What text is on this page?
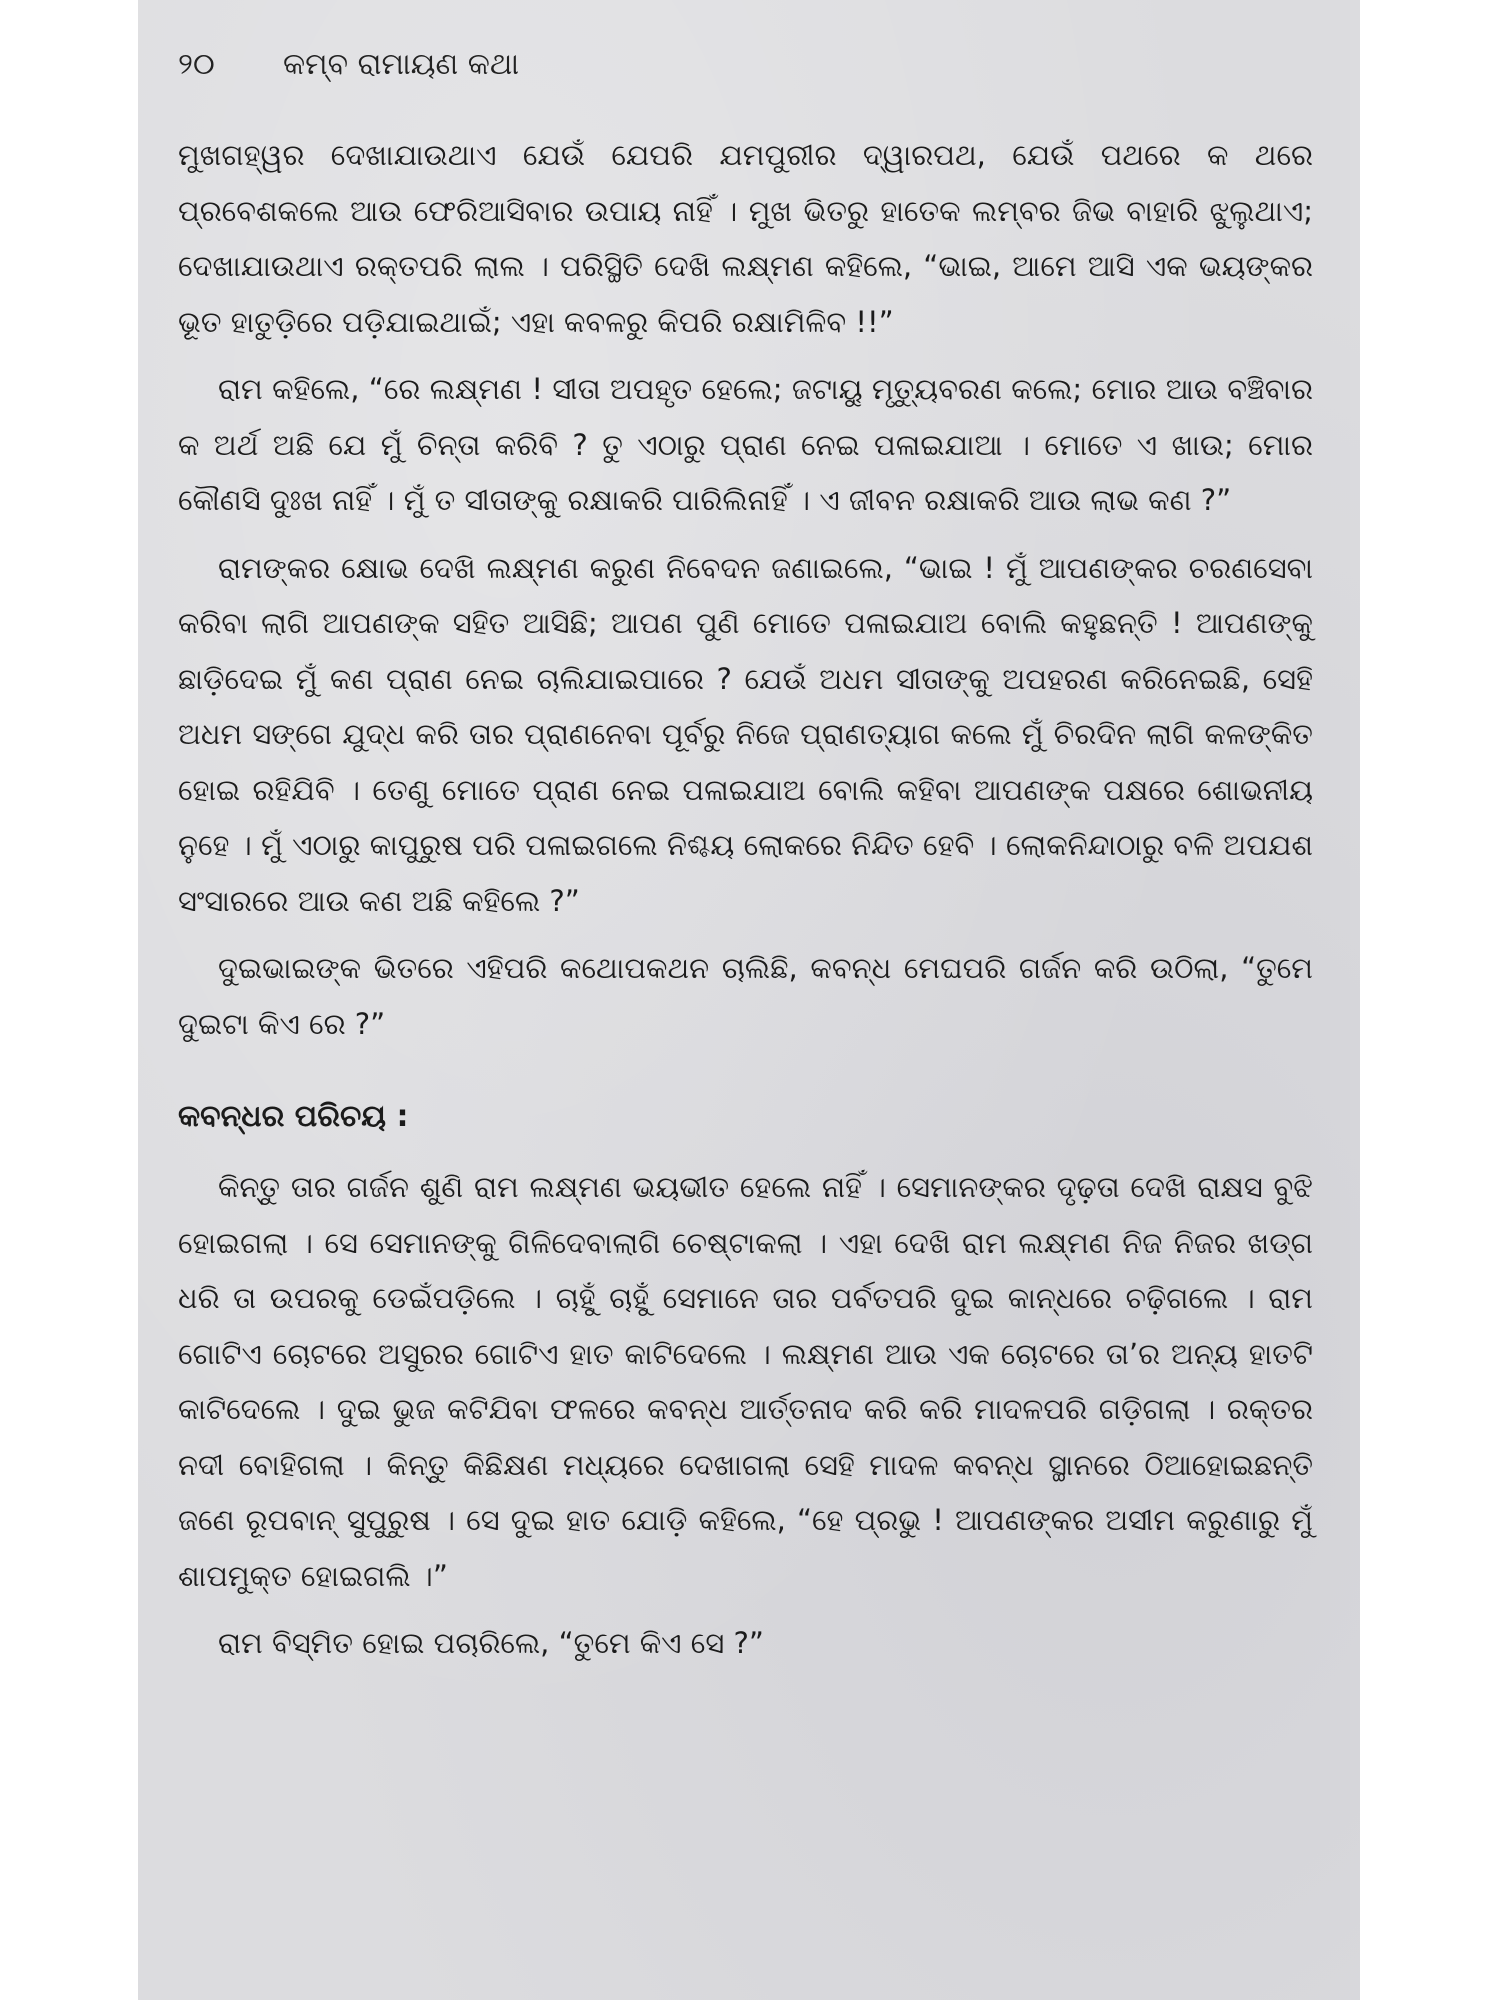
୨୦	କମ୍ବ ରାମାୟଣ କଥା

ମୁଖଗହ୍ୱର ଦେଖାଯାଉଥାଏ ଯେଉଁ ଯେପରି ଯମପୁରୀର ଦ୍ୱାରପଥ, ଯେଉଁ ପଥରେ କ ଥରେ ପ୍ରବେଶକଲେ ଆଉ ଫେରିଆସିବାର ଉପାୟ ନାହିଁ । ମୁଖ ଭିତରୁ ହାତେକ ଲମ୍ବର ଜିଭ ବାହାରି ଝୁଲୁଥାଏ; ଦେଖାଯାଉଥାଏ ରକ୍ତପରି ଲାଲ । ପରିସ୍ଥିତି ଦେଖି ଲକ୍ଷ୍ମଣ କହିଲେ, “ଭାଇ, ଆମେ ଆସି ଏକ ଭୟଙ୍କର ଭୂତ ହାତୁଡ଼ିରେ ପଡ଼ିଯାଇଥାଇଁ; ଏହା କବଳରୁ କିପରି ରକ୍ଷାମିଳିବ !!”

ରାମ କହିଲେ, “ରେ ଲକ୍ଷ୍ମଣ ! ସୀତା ଅପହୃତ ହେଲେ; ଜଟାୟୁ ମୃତ୍ୟୁବରଣ କଲେ; ମୋର ଆଉ ବଞ୍ଚିବାର କ ଅର୍ଥ ଅଛି ଯେ ମୁଁ ଚିନ୍ତା କରିବି ? ତୁ ଏଠାରୁ ପ୍ରାଣ ନେଇ ପଳାଇଯାଆ । ମୋତେ ଏ ଖାଉ; ମୋର କୌଣସି ଦୁଃଖ ନାହିଁ । ମୁଁ ତ ସୀତାଙ୍କୁ ରକ୍ଷାକରି ପାରିଲିନାହିଁ । ଏ ଜୀବନ ରକ୍ଷାକରି ଆଉ ଲାଭ କଣ ?”

ରାମଙ୍କର କ୍ଷୋଭ ଦେଖି ଲକ୍ଷ୍ମଣ କରୁଣ ନିବେଦନ ଜଣାଇଲେ, “ଭାଇ ! ମୁଁ ଆପଣଙ୍କର ଚରଣସେବା କରିବା ଲାଗି ଆପଣଙ୍କ ସହିତ ଆସିଛି; ଆପଣ ପୁଣି ମୋତେ ପଳାଇଯାଅ ବୋଲି କହୁଛନ୍ତି ! ଆପଣଙ୍କୁ ଛାଡ଼ିଦେଇ ମୁଁ କଣ ପ୍ରାଣ ନେଇ ଚାଲିଯାଇପାରେ ? ଯେଉଁ ଅଧମ ସୀତାଙ୍କୁ ଅପହରଣ କରିନେଇଛି, ସେହି ଅଧମ ସଙ୍ଗେ ଯୁଦ୍ଧ କରି ତାର ପ୍ରାଣନେବା ପୂର୍ବରୁ ନିଜେ ପ୍ରାଣତ୍ୟାଗ କଲେ ମୁଁ ଚିରଦିନ ଲାଗି କଳଙ୍କିତ ହୋଇ ରହିଯିବି । ତେଣୁ ମୋତେ ପ୍ରାଣ ନେଇ ପଳାଇଯାଅ ବୋଲି କହିବା ଆପଣଙ୍କ ପକ୍ଷରେ ଶୋଭନୀୟ ନୁହେ । ମୁଁ ଏଠାରୁ କାପୁରୁଷ ପରି ପଳାଇଗଲେ ନିଶ୍ଚୟ ଲୋକରେ ନିନ୍ଦିତ ହେବି । ଲୋକନିନ୍ଦାଠାରୁ ବଳି ଅପଯଶ ସଂସାରରେ ଆଉ କଣ ଅଛି କହିଲେ ?”

ଦୁଇଭାଇଙ୍କ ଭିତରେ ଏହିପରି କଥୋପକଥନ ଚାଲିଛି, କବନ୍ଧ ମେଘପରି ଗର୍ଜନ କରି ଉଠିଲା, “ତୁମେ ଦୁଇଟା କିଏ ରେ ?”

କବନ୍ଧର ପରିଚୟ :

କିନ୍ତୁ ତାର ଗର୍ଜନ ଶୁଣି ରାମ ଲକ୍ଷ୍ମଣ ଭୟଭୀତ ହେଲେ ନାହିଁ । ସେମାନଙ୍କର ଦୃଢ଼ତା ଦେଖି ରାକ୍ଷସ ବୁଝି ହୋଇଗଲା । ସେ ସେମାନଙ୍କୁ ଗିଳିଦେବାଲାଗି ଚେଷ୍ଟାକଲା । ଏହା ଦେଖି ରାମ ଲକ୍ଷ୍ମଣ ନିଜ ନିଜର ଖଡ୍ଗ ଧରି ତା ଉପରକୁ ଡେଇଁପଡ଼ିଲେ । ଚାହୁଁ ଚାହୁଁ ସେମାନେ ତାର ପର୍ବତପରି ଦୁଇ କାନ୍ଧରେ ଚଢ଼ିଗଲେ । ରାମ ଗୋଟିଏ ଚୋଟରେ ଅସୁରର ଗୋଟିଏ ହାତ କାଟିଦେଲେ । ଲକ୍ଷ୍ମଣ ଆଉ ଏକ ଚୋଟରେ ତା’ର ଅନ୍ୟ ହାତଟି କାଟିଦେଲେ । ଦୁଇ ଭୁଜ କଟିଯିବା ଫଳରେ କବନ୍ଧ ଆର୍ତ୍ତନାଦ କରି କରି ମାଦଳପରି ଗଡ଼ିଗଲା । ରକ୍ତର ନଦୀ ବୋହିଗଲା । କିନ୍ତୁ କିଛିକ୍ଷଣ ମଧ୍ୟରେ ଦେଖାଗଲା ସେହି ମାଦଳ କବନ୍ଧ ସ୍ଥାନରେ ଠିଆହୋଇଛନ୍ତି ଜଣେ ରୂପବାନ୍ ସୁପୁରୁଷ । ସେ ଦୁଇ ହାତ ଯୋଡ଼ି କହିଲେ, “ହେ ପ୍ରଭୁ ! ଆପଣଙ୍କର ଅସୀମ କରୁଣାରୁ ମୁଁ ଶାପମୁକ୍ତ ହୋଇଗଲି ।”

ରାମ ବିସ୍ମିତ ହୋଇ ପଚାରିଲେ, “ତୁମେ କିଏ ସେ ?”
